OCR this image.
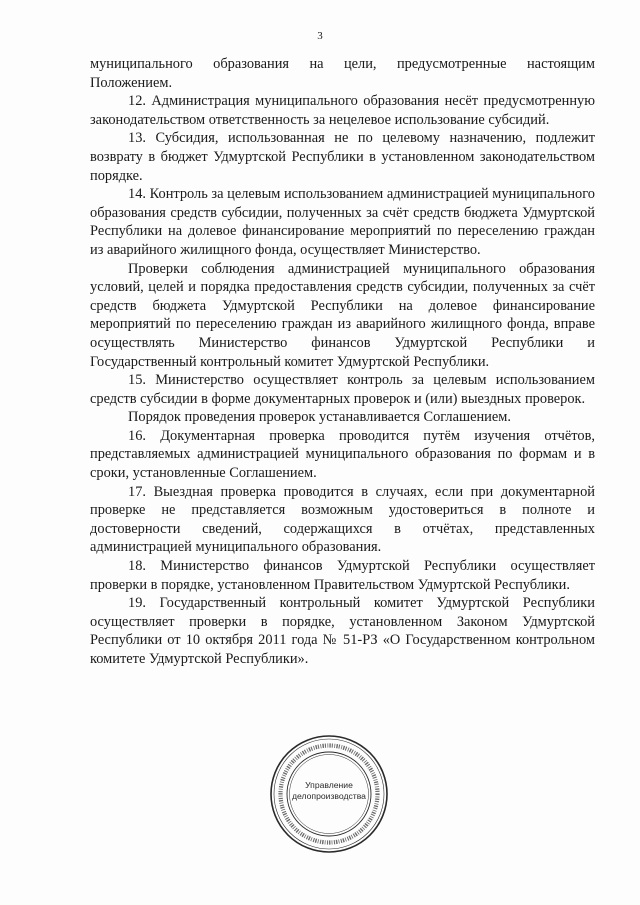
3

муниципального образования на цели, предусмотренные настоящим Положением.

12. Администрация муниципального образования несёт предусмотренную законодательством ответственность за нецелевое использование субсидий.

13. Субсидия, использованная не по целевому назначению, подлежит возврату в бюджет Удмуртской Республики в установленном законодательством порядке.

14. Контроль за целевым использованием администрацией муниципального образования средств субсидии, полученных за счёт средств бюджета Удмуртской Республики на долевое финансирование мероприятий по переселению граждан из аварийного жилищного фонда, осуществляет Министерство.

Проверки соблюдения администрацией муниципального образования условий, целей и порядка предоставления средств субсидии, полученных за счёт средств бюджета Удмуртской Республики на долевое финансирование мероприятий по переселению граждан из аварийного жилищного фонда, вправе осуществлять Министерство финансов Удмуртской Республики и Государственный контрольный комитет Удмуртской Республики.

15. Министерство осуществляет контроль за целевым использованием средств субсидии в форме документарных проверок и (или) выездных проверок.

Порядок проведения проверок устанавливается Соглашением.

16. Документарная проверка проводится путём изучения отчётов, представляемых администрацией муниципального образования по формам и в сроки, установленные Соглашением.

17. Выездная проверка проводится в случаях, если при документарной проверке не представляется возможным удостовериться в полноте и достоверности сведений, содержащихся в отчётах, представленных администрацией муниципального образования.

18. Министерство финансов Удмуртской Республики осуществляет проверки в порядке, установленном Правительством Удмуртской Республики.

19. Государственный контрольный комитет Удмуртской Республики осуществляет проверки в порядке, установленном Законом Удмуртской Республики от 10 октября 2011 года № 51-РЗ «О Государственном контрольном комитете Удмуртской Республики».

Управление
делопроизводства
